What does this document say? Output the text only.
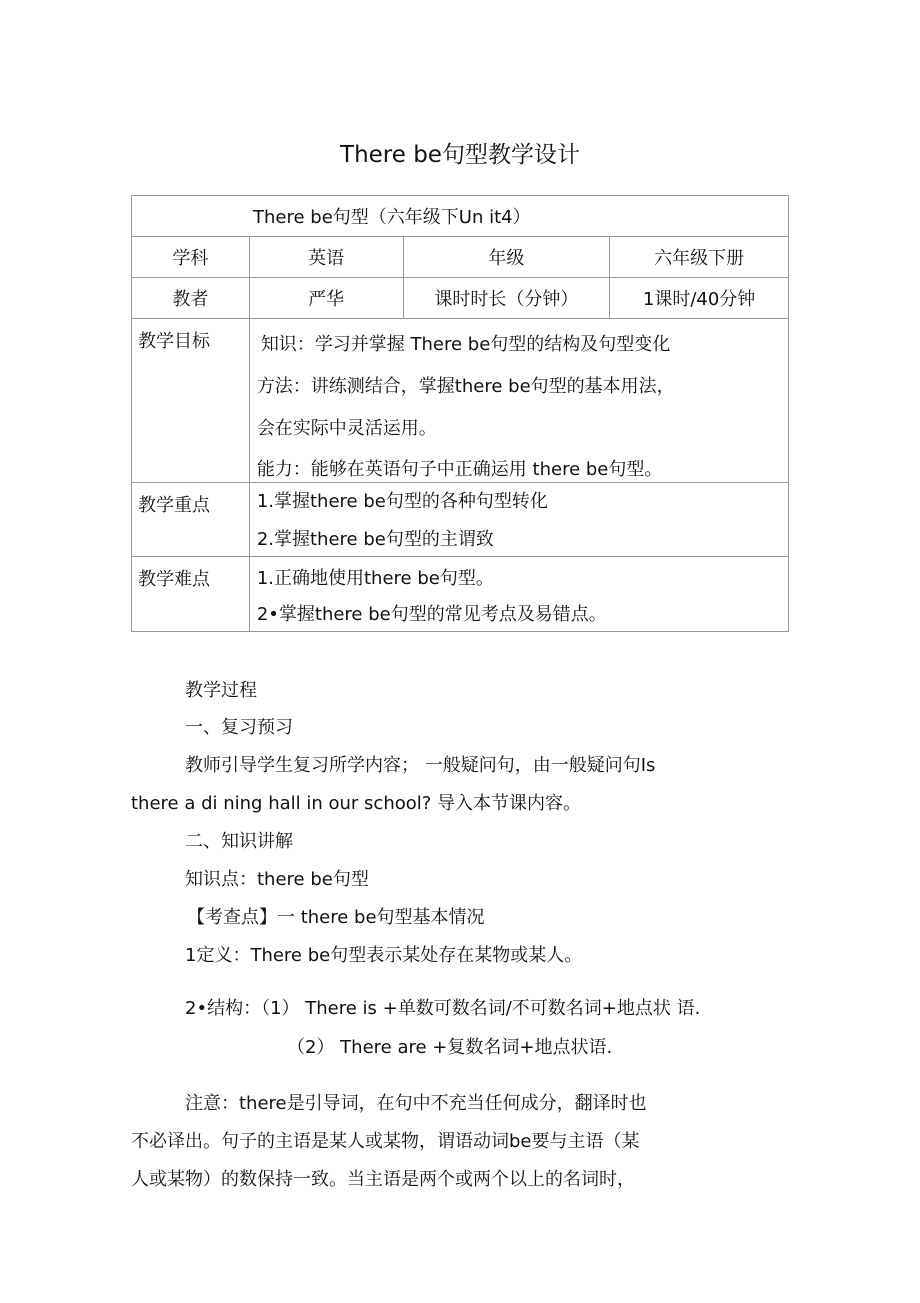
There be句型教学设计
There be句型（六年级下Un it4）			
学科	英语	年级	六年级下册
教者	严华	课时时长（分钟）	1课时/40分钟
教学目标	知识：学习并掌握 There be句型的结构及句型变化
方法：讲练测结合，掌握there be句型的基本用法，
会在实际中灵活运用。
能力：能够在英语句子中正确运用 there be句型。		

教学重点	1.掌握there be句型的各种句型转化
2.掌握there be句型的主谓致		

教学难点	1.正确地使用there be句型。
2•掌握there be句型的常见考点及易错点。		
教学过程
一、复习预习
教师引导学生复习所学内容； 一般疑问句，由一般疑问句Is
there a di ning hall in our school? 导入本节课内容。
二、知识讲解
知识点：there be句型
【考查点】一 there be句型基本情况
1定义：There be句型表示某处存在某物或某人。
2•结构：（1） There is +单数可数名词/不可数名词+地点状 语.
（2） There are +复数名词+地点状语.
注意：there是引导词，在句中不充当任何成分，翻译时也
不必译出。句子的主语是某人或某物，谓语动词be要与主语（某
人或某物）的数保持一致。当主语是两个或两个以上的名词时，
